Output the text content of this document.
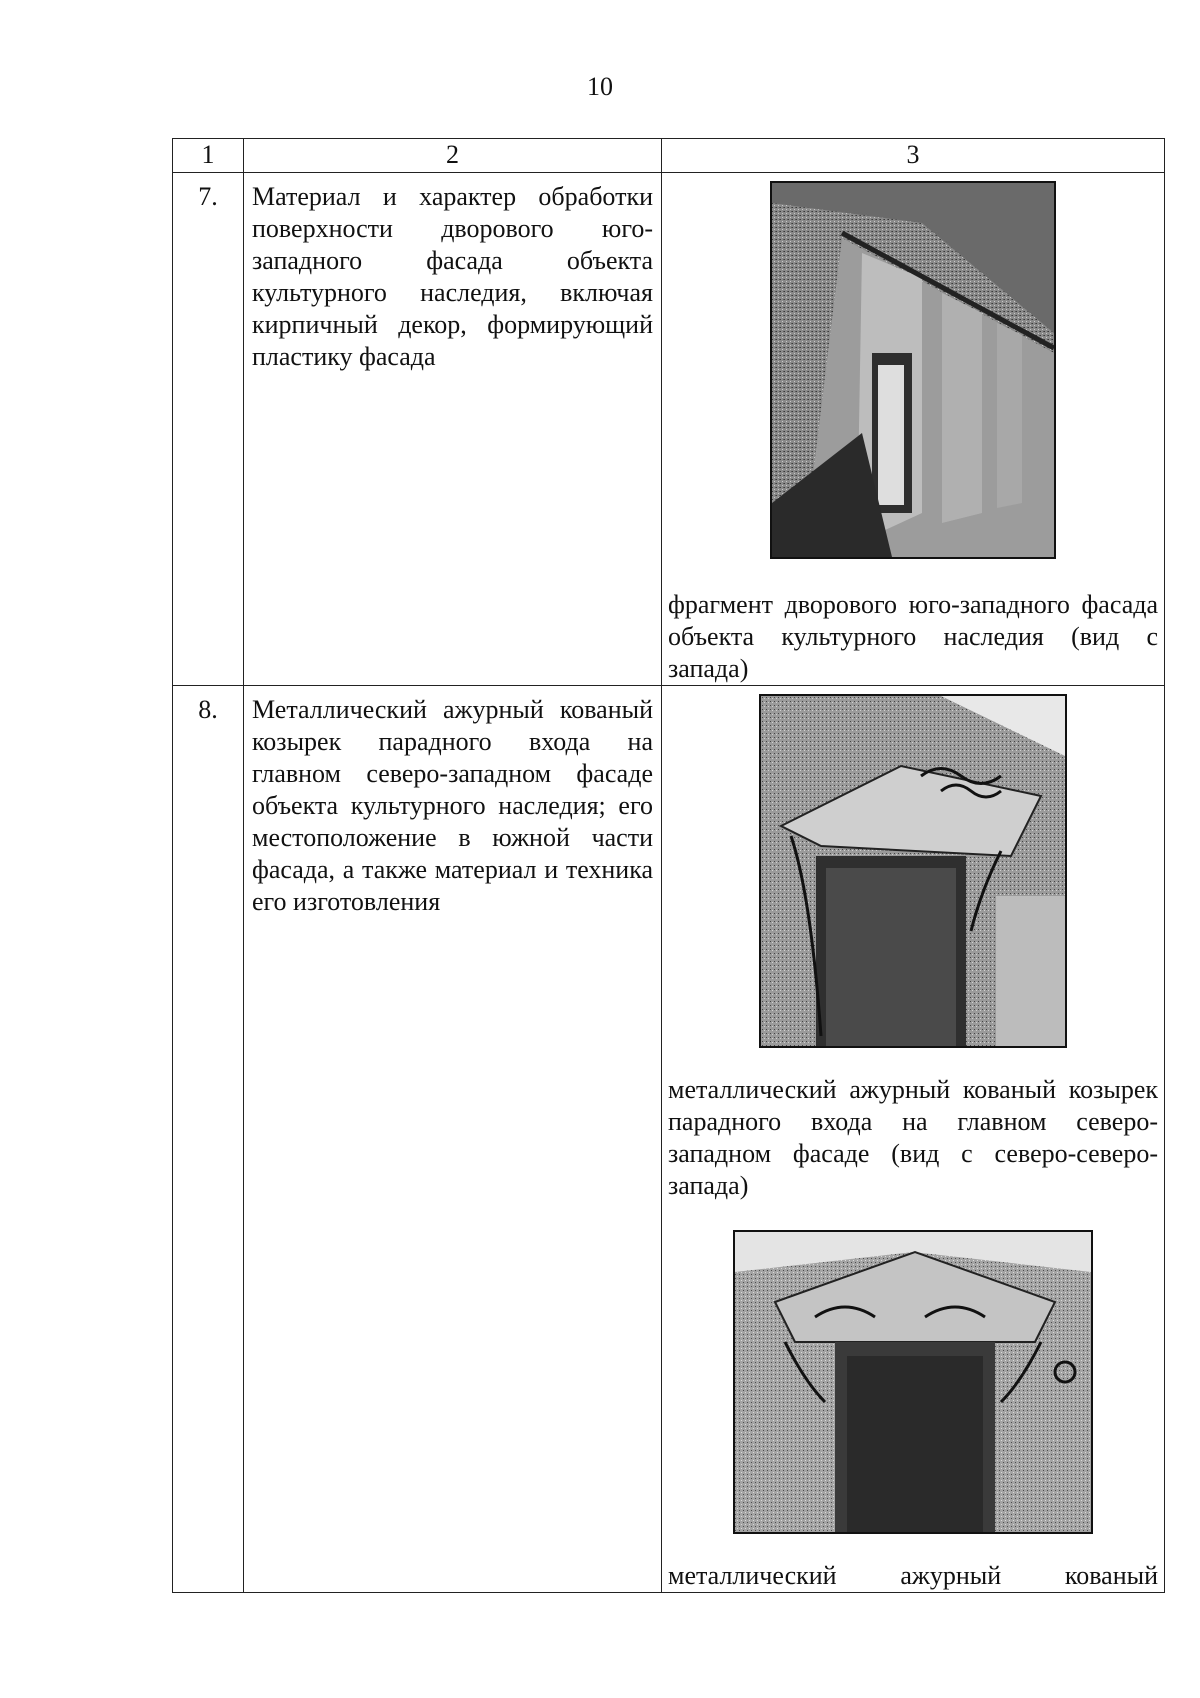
10
1	2	3
7.	Материал и характер обработки поверхности дворового юго-западного фасада объекта культурного наследия, включая кирпичный декор, формирующий пластику фасада	фрагмент дворового юго-западного фасада объекта культурного наследия (вид с запада)

8.	Металлический ажурный кованый козырек парадного входа на главном северо-западном фасаде объекта культурного наследия; его местоположение в южной части фасада, а также материал и техника его изготовления	металлический ажурный кованый козырек парадного входа на главном северо-западном фасаде (вид с северо-северо-запада)

металлический ажурный кованый
